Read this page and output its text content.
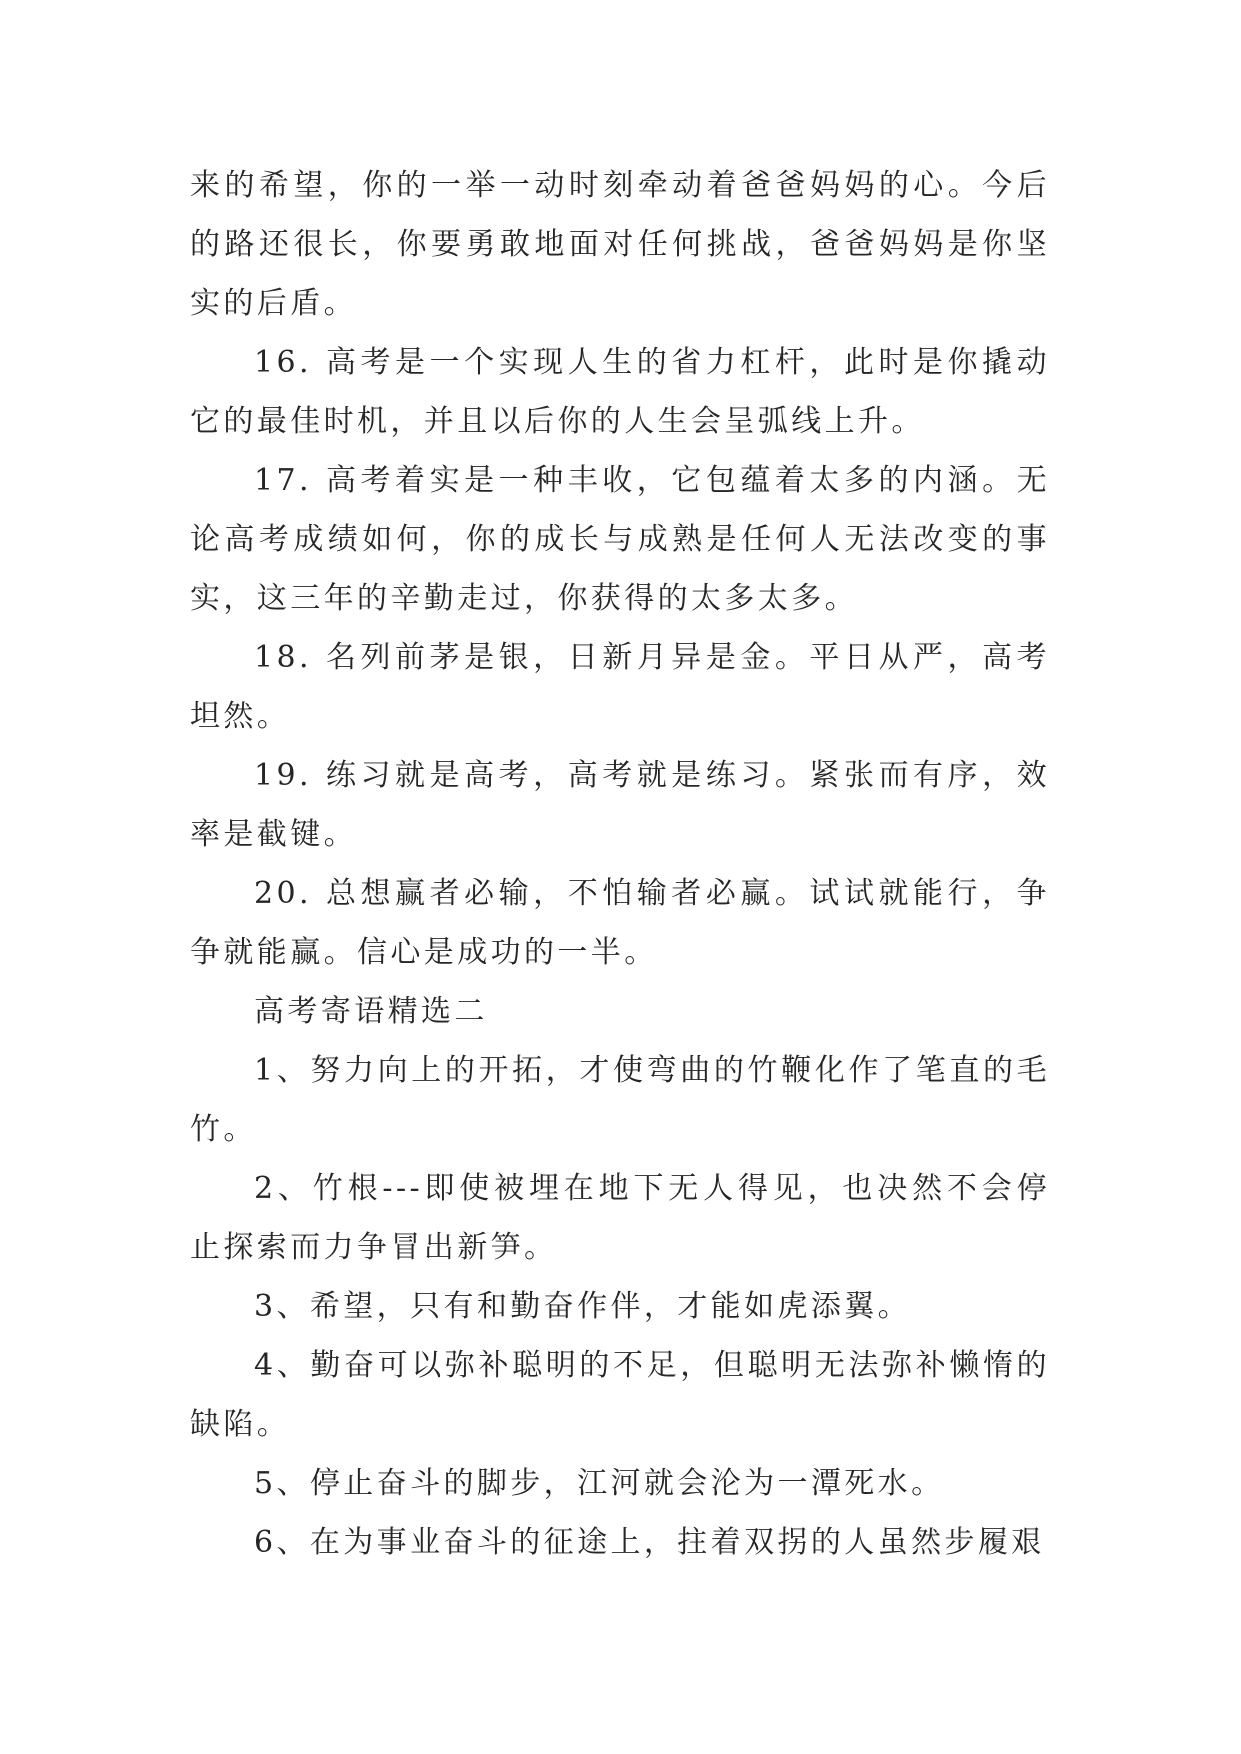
来的希望，你的一举一动时刻牵动着爸爸妈妈的心。今后的路还很长，你要勇敢地面对任何挑战，爸爸妈妈是你坚实的后盾。

16. 高考是一个实现人生的省力杠杆，此时是你撬动它的最佳时机，并且以后你的人生会呈弧线上升。

17. 高考着实是一种丰收，它包蕴着太多的内涵。无论高考成绩如何，你的成长与成熟是任何人无法改变的事实，这三年的辛勤走过，你获得的太多太多。

18. 名列前茅是银，日新月异是金。平日从严，高考坦然。

19. 练习就是高考，高考就是练习。紧张而有序，效率是截键。

20. 总想赢者必输，不怕输者必赢。试试就能行，争争就能赢。信心是成功的一半。

高考寄语精选二

1、努力向上的开拓，才使弯曲的竹鞭化作了笔直的毛竹。

2、竹根---即使被埋在地下无人得见，也决然不会停止探索而力争冒出新笋。

3、希望，只有和勤奋作伴，才能如虎添翼。

4、勤奋可以弥补聪明的不足，但聪明无法弥补懒惰的缺陷。

5、停止奋斗的脚步，江河就会沦为一潭死水。

6、在为事业奋斗的征途上，拄着双拐的人虽然步履艰
